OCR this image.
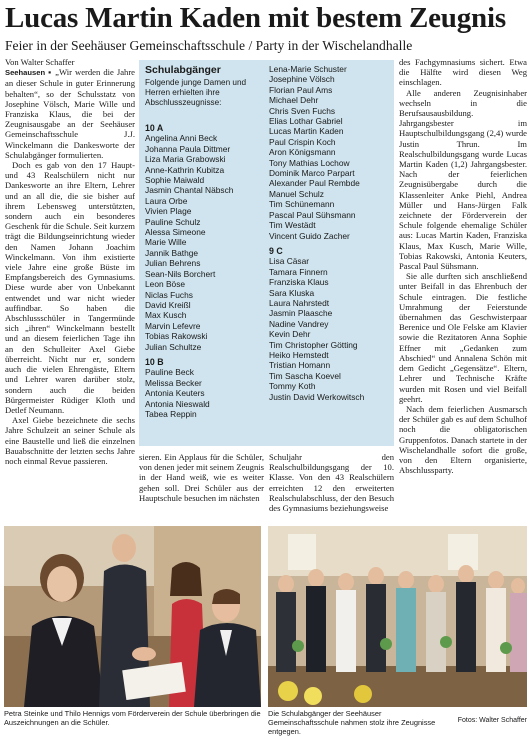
Lucas Martin Kaden mit bestem Zeugnis
Feier in der Seehäuser Gemeinschaftsschule / Party in der Wischelandhalle
Von Walter Schaffer

Seehausen ▪ „Wir werden die Jahre an dieser Schule in guter Erinnerung behalten“, so der Schulsstatz von Josephine Völsch, Marie Wille und Franziska Klaus, die bei der Zeugnisausgabe an der Seehäuser Gemeinschaftsschule J.J. Winckelmann die Dankesworte der Schulabgänger formulierten.

Doch es gab von den 17 Haupt- und 43 Realschülern nicht nur Dankesworte an ihre Eltern, Lehrer und an all die, die sie bisher auf ihrem Lebensweg unterstützten, sondern auch ein besonderes Geschenk für die Schule. Seit kurzem trägt die Bildungseinrichtung wieder den Namen Johann Joachim Winckelmann. Von ihm existierte viele Jahre eine große Büste im Empfangsbereich des Gymnasiums. Diese wurde aber von Unbekannt entwendet und war nicht wieder auffindbar. So haben die Abschlussschüler in Tangermünde sich „ihren“ Winckelmann bestellt und an diesem feierlichen Tage ihn an den Schulleiter Axel Giebe überreicht. Nicht nur er, sondern auch die vielen Ehrengäste, Eltern und Lehrer waren darüber stolz, sondern auch die beiden Bürgermeister Rüdiger Kloth und Detlef Neumann.

Axel Giebe bezeichnete die sechs Jahre Schulzeit an seiner Schule als eine Baustelle und ließ die einzelnen Bauabschnitte der letzten sechs Jahre noch einmal Revue passieren.

Schulabgänger
Folgende junge Damen und Herren erhielten ihre Abschlusszeugnisse:
10 A
Angelina Anni Beck
Johanna Paula Dittmer
Liza Maria Grabowski
Anne-Kathrin Kubitza
Sophie Maiwald
Jasmin Chantal Näbsch
Laura Orbe
Vivien Plage
Pauline Schulz
Alessa Simeone
Marie Wille
Jannik Bathge
Julian Behrens
Sean-Nils Borchert
Leon Böse
Niclas Fuchs
David Kreißl
Max Kusch
Marvin Lefevre
Tobias Rakowski
Julian Schultze
10 B
Pauline Beck
Melissa Becker
Antonia Keuters
Antonia Nieswald
Tabea Reppin
Lena-Marie Schuster
Josephine Völsch
Florian Paul Ams
Michael Dehr
Chris Sven Fuchs
Elias Lothar Gabriel
Lucas Martin Kaden
Paul Crispin Koch
Aron Königsmann
Tony Mathias Lochow
Dominik Marco Parpart
Alexander Paul Rembde
Manuel Schulz
Tim Schünemann
Pascal Paul Sühsmann
Tim Westädt
Vincent Guido Zacher
9 C
Lisa Cäsar
Tamara Finnern
Franziska Klaus
Sara Kluska
Laura Nahrstedt
Jasmin Plaasche
Nadine Vandrey
Kevin Dehr
Tim Christopher Götting
Heiko Hemstedt
Tristian Homann
Tim Sascha Koevel
Tommy Koth
Justin David Werkowitsch

des Fachgymnasiums sichert. Etwa die Hälfte wird diesen Weg einschlagen.

Alle anderen Zeugnisinhaber wechseln in die Berufsausausbildung. Jahrgangsbester im Hauptschulbildungsgang (2,4) wurde Justin Thrun. Im Realschulbildungsgang wurde Lucas Martin Kaden (1,2) Jahrgangsbester. Nach der feierlichen Zeugnisübergabe durch die Klassenleiter Anke Piehl, Andrea Müller und Hans-Jürgen Falk zeichnete der Förderverein der Schule folgende ehemalige Schüler aus: Lucas Martin Kaden, Franziska Klaus, Max Kusch, Marie Wille, Tobias Rakowski, Antonia Keuters, Pascal Paul Sühsmann.

Sie alle durften sich anschließend unter Beifall in das Ehrenbuch der Schule eintragen. Die festliche Umrahmung der Feierstunde übernahmen das Geschwisterpaar Berenice und Ole Felske am Klavier sowie die Rezitatoren Anna Sophie Effner mit „Gedanken zum Abschied“ und Annalena Schön mit dem Gedicht „Gegensätze“. Eltern, Lehrer und Technische Kräfte wurden mit Rosen und viel Beifall geehrt.

Nach dem feierlichen Ausmarsch der Schüler gab es auf dem Schulhof noch die obligatorischen Gruppenfotos. Danach startete in der Wischelandhalle sofort die große, von den Eltern organisierte, Abschlussparty.

sieren. Ein Applaus für die Schüler, von denen jeder mit seinem Zeugnis in der Hand weiß, wie es weiter gehen soll. Drei Schüler aus der Hauptschule besuchen im nächsten
Schuljahr den Realschulbildungsgang der 10. Klasse. Von den 43 Realschülern erreichten 12 den erweiterten Realschulabschluss, der den Besuch des Gymnasiums beziehungsweise
Petra Steinke und Thilo Hennigs vom Förderverein der Schule überbringen die Auszeichnungen an die Schüler.
Die Schulabgänger der Seehäuser Gemeinschaftsschule nahmen stolz ihre Zeugnisse entgegen.
Fotos: Walter Schaffer
